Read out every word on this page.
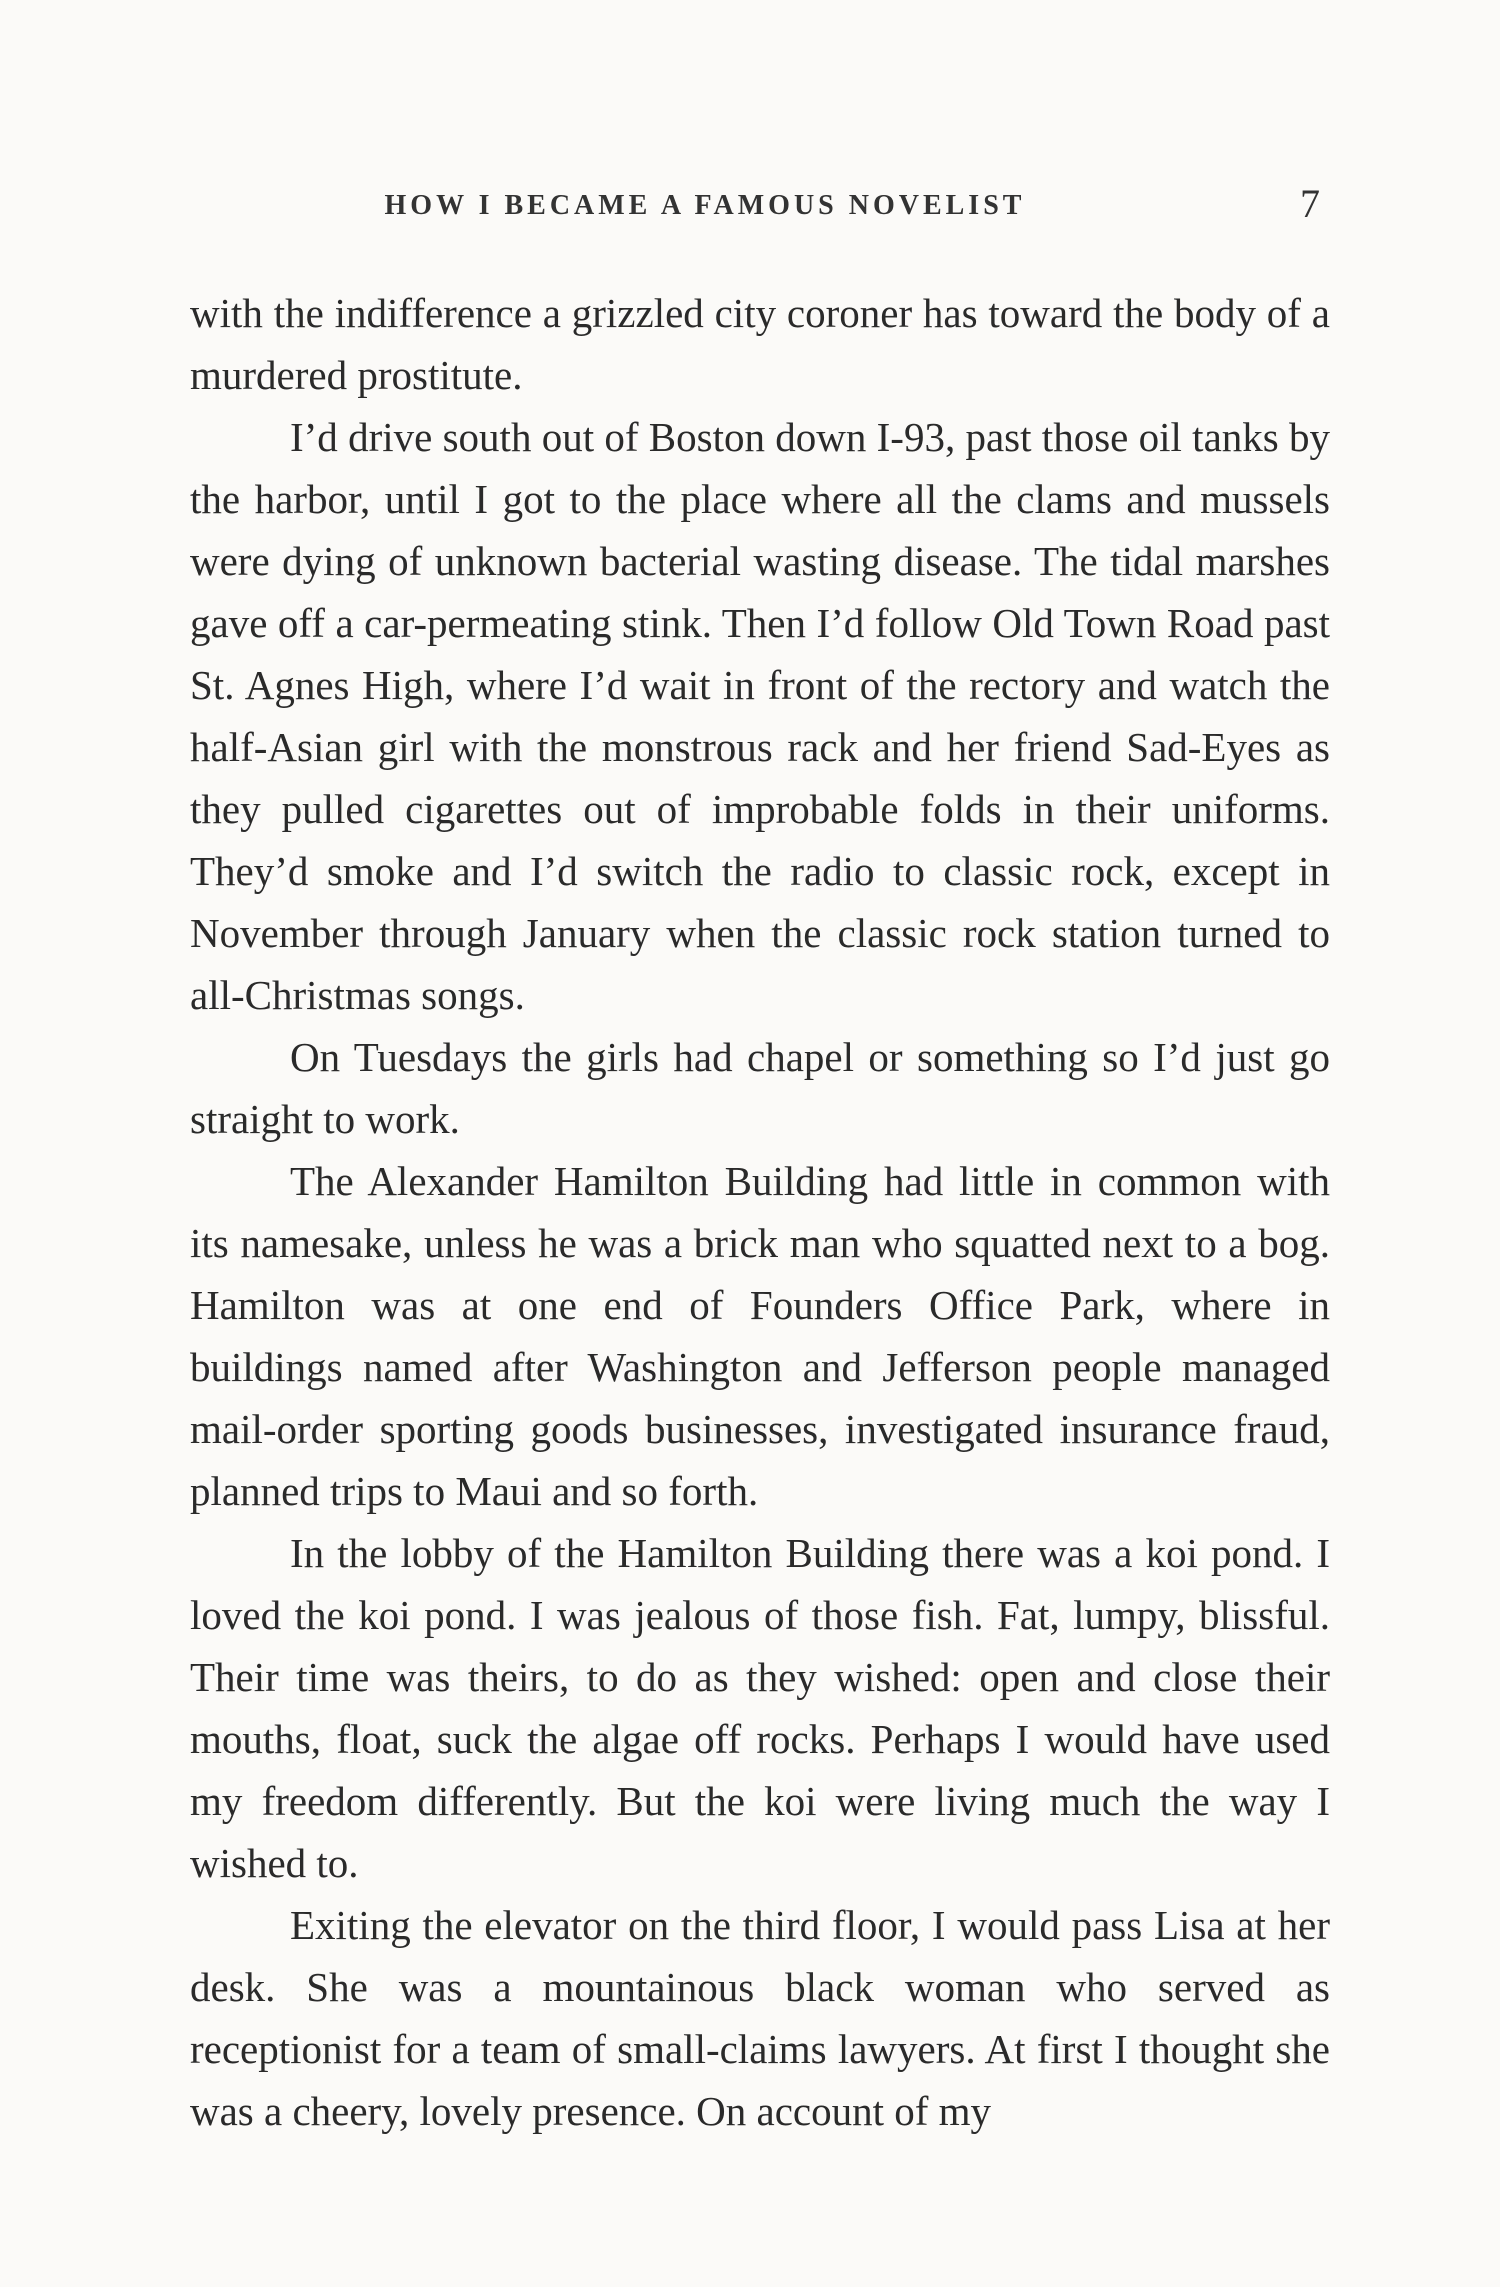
HOW I BECAME A FAMOUS NOVELIST	7

with the indifference a grizzled city coroner has toward the body of a murdered prostitute.

I’d drive south out of Boston down I-93, past those oil tanks by the harbor, until I got to the place where all the clams and mussels were dying of unknown bacterial wasting disease. The tidal marshes gave off a car-permeating stink. Then I’d follow Old Town Road past St. Agnes High, where I’d wait in front of the rectory and watch the half-Asian girl with the monstrous rack and her friend Sad-Eyes as they pulled cigarettes out of improbable folds in their uniforms. They’d smoke and I’d switch the radio to classic rock, except in November through January when the classic rock station turned to all-Christmas songs.

On Tuesdays the girls had chapel or something so I’d just go straight to work.

The Alexander Hamilton Building had little in common with its namesake, unless he was a brick man who squatted next to a bog. Hamilton was at one end of Founders Office Park, where in buildings named after Washington and Jefferson people managed mail-order sporting goods businesses, investigated insurance fraud, planned trips to Maui and so forth.

In the lobby of the Hamilton Building there was a koi pond. I loved the koi pond. I was jealous of those fish. Fat, lumpy, blissful. Their time was theirs, to do as they wished: open and close their mouths, float, suck the algae off rocks. Perhaps I would have used my freedom differently. But the koi were living much the way I wished to.

Exiting the elevator on the third floor, I would pass Lisa at her desk. She was a mountainous black woman who served as receptionist for a team of small-claims lawyers. At first I thought she was a cheery, lovely presence. On account of my
